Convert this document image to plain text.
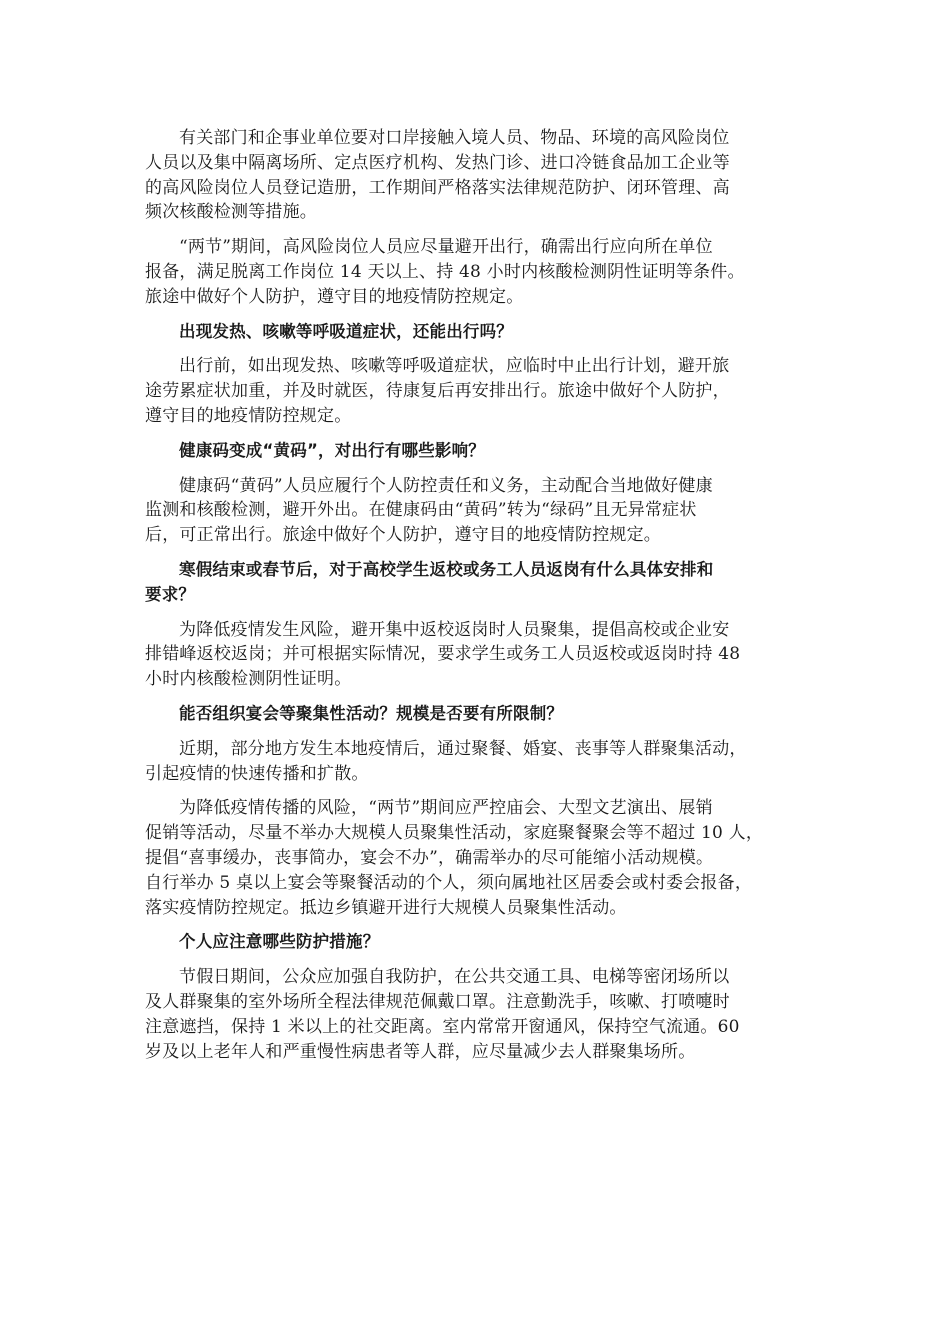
有关部门和企事业单位要对口岸接触入境人员、物品、环境的高风险岗位
人员以及集中隔离场所、定点医疗机构、发热门诊、进口冷链食品加工企业等
的高风险岗位人员登记造册，工作期间严格落实法律规范防护、闭环管理、高
频次核酸检测等措施。
“两节”期间，高风险岗位人员应尽量避开出行，确需出行应向所在单位
报备，满足脱离工作岗位 14 天以上、持 48 小时内核酸检测阴性证明等条件。
旅途中做好个人防护，遵守目的地疫情防控规定。
出现发热、咳嗽等呼吸道症状，还能出行吗？
出行前，如出现发热、咳嗽等呼吸道症状，应临时中止出行计划，避开旅
途劳累症状加重，并及时就医，待康复后再安排出行。旅途中做好个人防护，
遵守目的地疫情防控规定。
健康码变成“黄码”，对出行有哪些影响？
健康码“黄码”人员应履行个人防控责任和义务，主动配合当地做好健康
监测和核酸检测，避开外出。在健康码由“黄码”转为“绿码”且无异常症状
后，可正常出行。旅途中做好个人防护，遵守目的地疫情防控规定。
寒假结束或春节后，对于高校学生返校或务工人员返岗有什么具体安排和
要求？
为降低疫情发生风险，避开集中返校返岗时人员聚集，提倡高校或企业安
排错峰返校返岗；并可根据实际情况，要求学生或务工人员返校或返岗时持 48
小时内核酸检测阴性证明。
能否组织宴会等聚集性活动？规模是否要有所限制？
近期，部分地方发生本地疫情后，通过聚餐、婚宴、丧事等人群聚集活动，
引起疫情的快速传播和扩散。
为降低疫情传播的风险，“两节”期间应严控庙会、大型文艺演出、展销
促销等活动，尽量不举办大规模人员聚集性活动，家庭聚餐聚会等不超过 10 人，
提倡“喜事缓办，丧事简办，宴会不办”，确需举办的尽可能缩小活动规模。
自行举办 5 桌以上宴会等聚餐活动的个人，须向属地社区居委会或村委会报备，
落实疫情防控规定。抵边乡镇避开进行大规模人员聚集性活动。
个人应注意哪些防护措施？
节假日期间，公众应加强自我防护，在公共交通工具、电梯等密闭场所以
及人群聚集的室外场所全程法律规范佩戴口罩。注意勤洗手，咳嗽、打喷嚏时
注意遮挡，保持 1 米以上的社交距离。室内常常开窗通风，保持空气流通。60
岁及以上老年人和严重慢性病患者等人群，应尽量减少去人群聚集场所。
